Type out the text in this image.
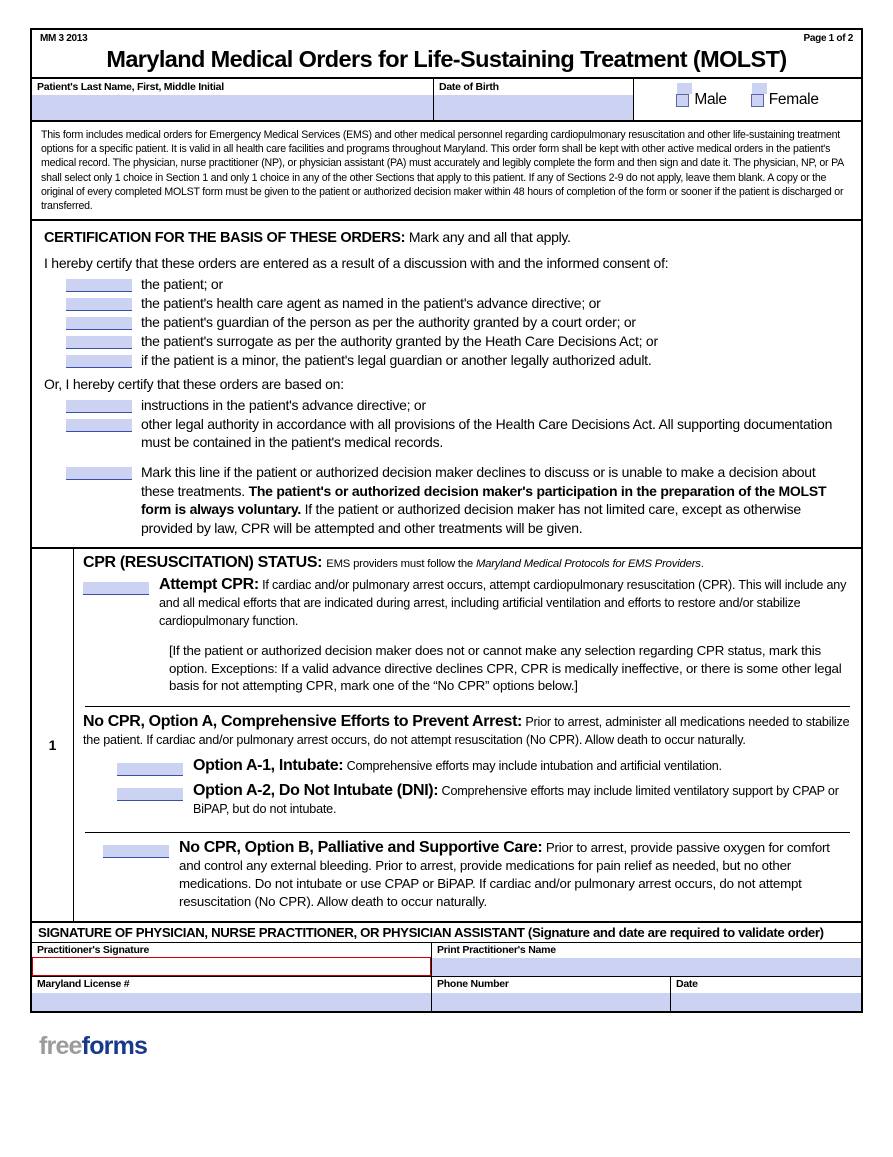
MM 3 2013	Page 1 of 2
Maryland Medical Orders for Life-Sustaining Treatment (MOLST)
Patient's Last Name, First, Middle Initial	Date of Birth
Male	Female
This form includes medical orders for Emergency Medical Services (EMS) and other medical personnel regarding cardiopulmonary resuscitation and other life-sustaining treatment options for a specific patient. It is valid in all health care facilities and programs throughout Maryland. This order form shall be kept with other active medical orders in the patient's medical record. The physician, nurse practitioner (NP), or physician assistant (PA) must accurately and legibly complete the form and then sign and date it. The physician, NP, or PA shall select only 1 choice in Section 1 and only 1 choice in any of the other Sections that apply to this patient. If any of Sections 2-9 do not apply, leave them blank. A copy or the original of every completed MOLST form must be given to the patient or authorized decision maker within 48 hours of completion of the form or sooner if the patient is discharged or transferred.
CERTIFICATION FOR THE BASIS OF THESE ORDERS: Mark any and all that apply.
I hereby certify that these orders are entered as a result of a discussion with and the informed consent of:
the patient; or
the patient's health care agent as named in the patient's advance directive; or
the patient's guardian of the person as per the authority granted by a court order; or
the patient's surrogate as per the authority granted by the Heath Care Decisions Act; or
if the patient is a minor, the patient's legal guardian or another legally authorized adult.
Or, I hereby certify that these orders are based on:
instructions in the patient's advance directive; or
other legal authority in accordance with all provisions of the Health Care Decisions Act. All supporting documentation must be contained in the patient's medical records.
Mark this line if the patient or authorized decision maker declines to discuss or is unable to make a decision about these treatments. The patient's or authorized decision maker's participation in the preparation of the MOLST form is always voluntary. If the patient or authorized decision maker has not limited care, except as otherwise provided by law, CPR will be attempted and other treatments will be given.
1
CPR (RESUSCITATION) STATUS: EMS providers must follow the Maryland Medical Protocols for EMS Providers.
Attempt CPR: If cardiac and/or pulmonary arrest occurs, attempt cardiopulmonary resuscitation (CPR). This will include any and all medical efforts that are indicated during arrest, including artificial ventilation and efforts to restore and/or stabilize cardiopulmonary function.
[If the patient or authorized decision maker does not or cannot make any selection regarding CPR status, mark this option. Exceptions: If a valid advance directive declines CPR, CPR is medically ineffective, or there is some other legal basis for not attempting CPR, mark one of the “No CPR” options below.]
No CPR, Option A, Comprehensive Efforts to Prevent Arrest: Prior to arrest, administer all medications needed to stabilize the patient. If cardiac and/or pulmonary arrest occurs, do not attempt resuscitation (No CPR). Allow death to occur naturally.
Option A-1, Intubate: Comprehensive efforts may include intubation and artificial ventilation.
Option A-2, Do Not Intubate (DNI): Comprehensive efforts may include limited ventilatory support by CPAP or BiPAP, but do not intubate.
No CPR, Option B, Palliative and Supportive Care: Prior to arrest, provide passive oxygen for comfort and control any external bleeding. Prior to arrest, provide medications for pain relief as needed, but no other medications. Do not intubate or use CPAP or BiPAP. If cardiac and/or pulmonary arrest occurs, do not attempt resuscitation (No CPR). Allow death to occur naturally.
SIGNATURE OF PHYSICIAN, NURSE PRACTITIONER, OR PHYSICIAN ASSISTANT (Signature and date are required to validate order)
Practitioner's Signature	Print Practitioner's Name
Maryland License #	Phone Number	Date
freeforms
